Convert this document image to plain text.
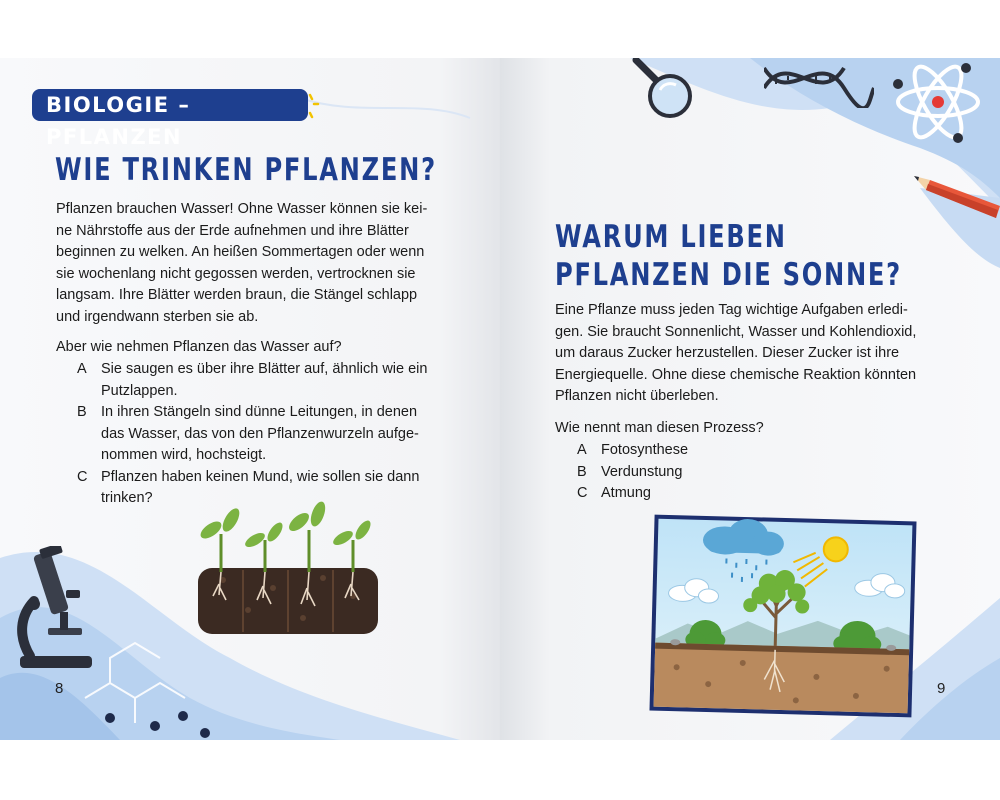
BIOLOGIE – PFLANZEN
WIE TRINKEN PFLANZEN?
Pflanzen brauchen Wasser! Ohne Wasser können sie kei-
ne Nährstoffe aus der Erde aufnehmen und ihre Blätter
beginnen zu welken. An heißen Sommertagen oder wenn
sie wochenlang nicht gegossen werden, vertrocknen sie
langsam. Ihre Blätter werden braun, die Stängel schlapp
und irgendwann sterben sie ab.

Aber wie nehmen Pflanzen das Wasser auf?

A Sie saugen es über ihre Blätter auf, ähnlich wie ein
Putzlappen.
B In ihren Stängeln sind dünne Leitungen, in denen
das Wasser, das von den Pflanzenwurzeln aufge-
nommen wird, hochsteigt.
C Pflanzen haben keinen Mund, wie sollen sie dann
trinken?
8
WARUM LIEBEN
PFLANZEN DIE SONNE?
Eine Pflanze muss jeden Tag wichtige Aufgaben erledi-
gen. Sie braucht Sonnenlicht, Wasser und Kohlendioxid,
um daraus Zucker herzustellen. Dieser Zucker ist ihre
Energiequelle. Ohne diese chemische Reaktion könnten
Pflanzen nicht überleben.

Wie nennt man diesen Prozess?

A Fotosynthese
B Verdunstung
C Atmung
9
